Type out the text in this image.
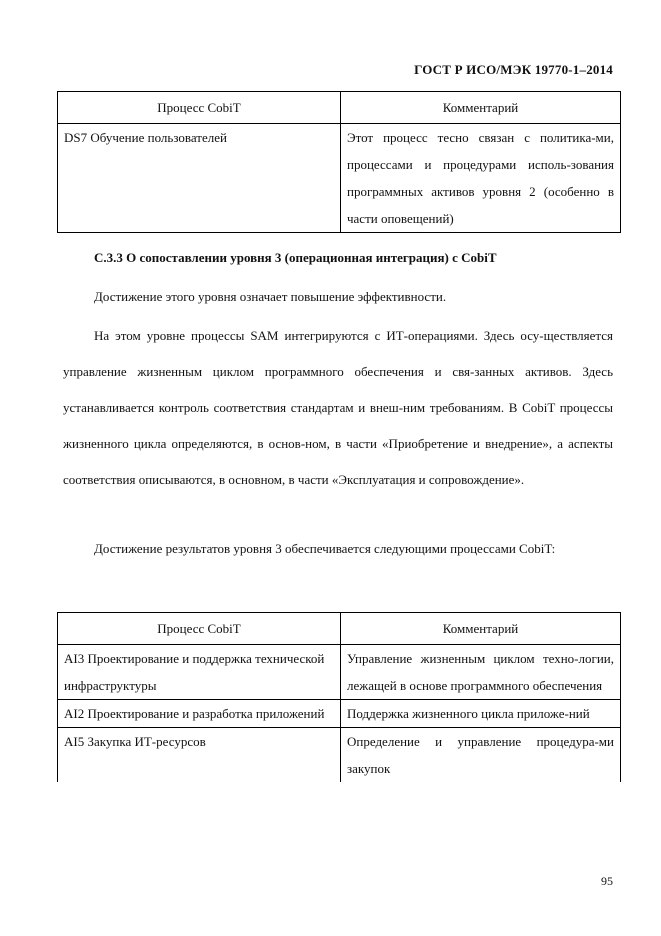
ГОСТ Р ИСО/МЭК 19770-1–2014
Процесс CobiT	Комментарий
DS7 Обучение пользователей	Этот процесс тесно связан с политика-ми, процессами и процедурами исполь-зования программных активов уровня 2 (особенно в части оповещений)
С.3.3 О сопоставлении уровня 3 (операционная интеграция) с CobiT
Достижение этого уровня означает повышение эффективности.
На этом уровне процессы SAM интегрируются с ИТ-операциями. Здесь осу-ществляется управление жизненным циклом программного обеспечения и свя-занных активов. Здесь устанавливается контроль соответствия стандартам и внеш-ним требованиям. В CobiT процессы жизненного цикла определяются, в основ-ном, в части «Приобретение и внедрение», а аспекты соответствия описываются, в основном, в части «Эксплуатация и сопровождение».
Достижение результатов уровня 3 обеспечивается следующими процессами CobiT:
Процесс CobiT	Комментарий
AI3 Проектирование и поддержка технической инфраструктуры	Управление жизненным циклом техно-логии, лежащей в основе программного обеспечения
AI2 Проектирование и разработка приложений	Поддержка жизненного цикла приложе-ний
AI5 Закупка ИТ-ресурсов	Определение и управление процедура-ми закупок
95
